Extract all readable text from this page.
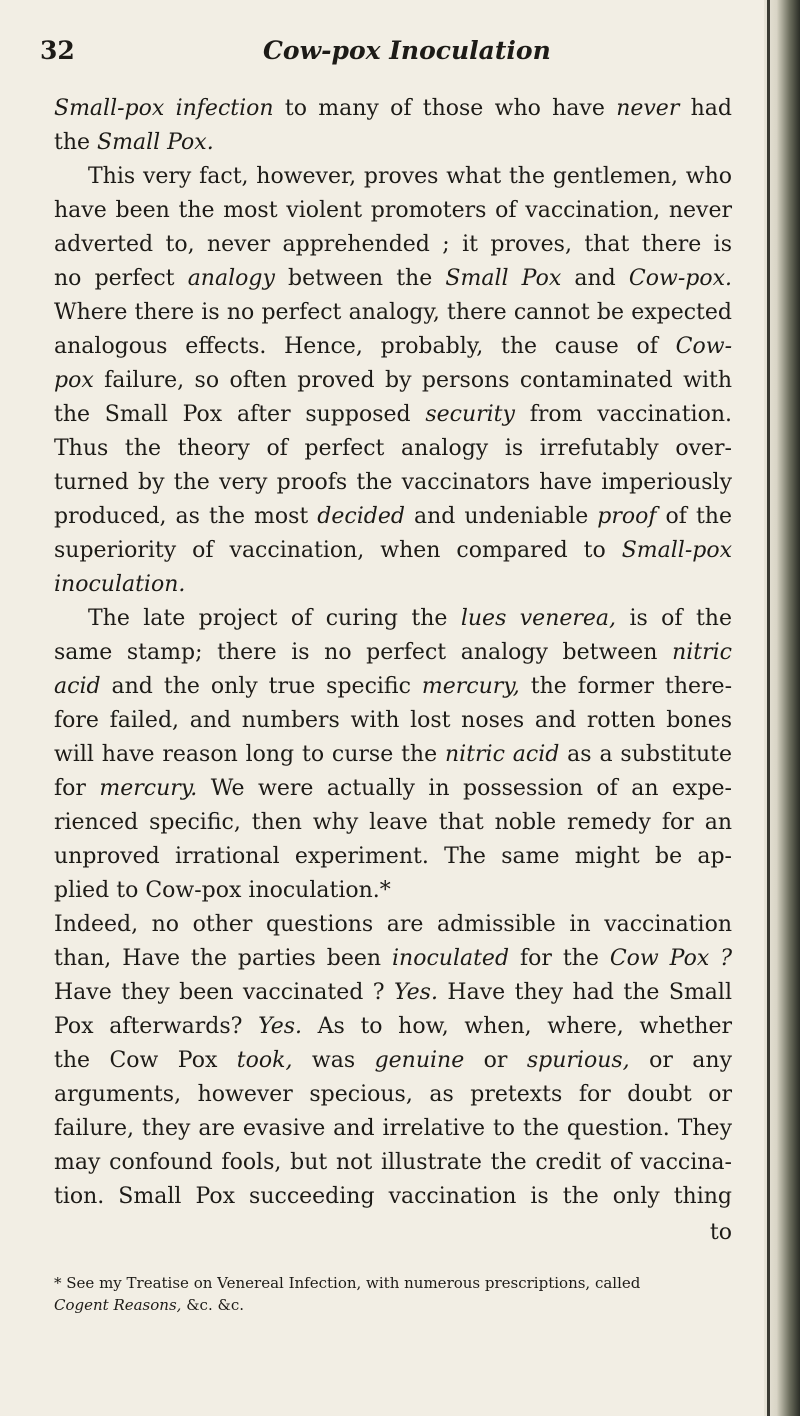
32	Cow-pox Inoculation
Small-pox infection to many of those who have never had
the Small Pox.
This very fact, however, proves what the gentlemen, who
have been the most violent promoters of vaccination, never
adverted to, never apprehended ; it proves, that there is
no perfect analogy between the Small Pox and Cow-pox.
Where there is no perfect analogy, there cannot be expected
analogous effects. Hence, probably, the cause of Cow-
pox failure, so often proved by persons contaminated with
the Small Pox after supposed security from vaccination.
Thus the theory of perfect analogy is irrefutably over-
turned by the very proofs the vaccinators have imperiously
produced, as the most decided and undeniable proof of the
superiority of vaccination, when compared to Small-pox
inoculation.
The late project of curing the lues venerea, is of the
same stamp; there is no perfect analogy between nitric
acid and the only true specific mercury, the former there-
fore failed, and numbers with lost noses and rotten bones
will have reason long to curse the nitric acid as a substitute
for mercury. We were actually in possession of an expe-
rienced specific, then why leave that noble remedy for an
unproved irrational experiment. The same might be ap-
plied to Cow-pox inoculation.*
Indeed, no other questions are admissible in vaccination
than, Have the parties been inoculated for the Cow Pox ?
Have they been vaccinated ? Yes. Have they had the Small
Pox afterwards? Yes. As to how, when, where, whether
the Cow Pox took, was genuine or spurious, or any
arguments, however specious, as pretexts for doubt or
failure, they are evasive and irrelative to the question. They
may confound fools, but not illustrate the credit of vaccina-
tion. Small Pox succeeding vaccination is the only thing
to
* See my Treatise on Venereal Infection, with numerous prescriptions, called
Cogent Reasons, &c. &c.
